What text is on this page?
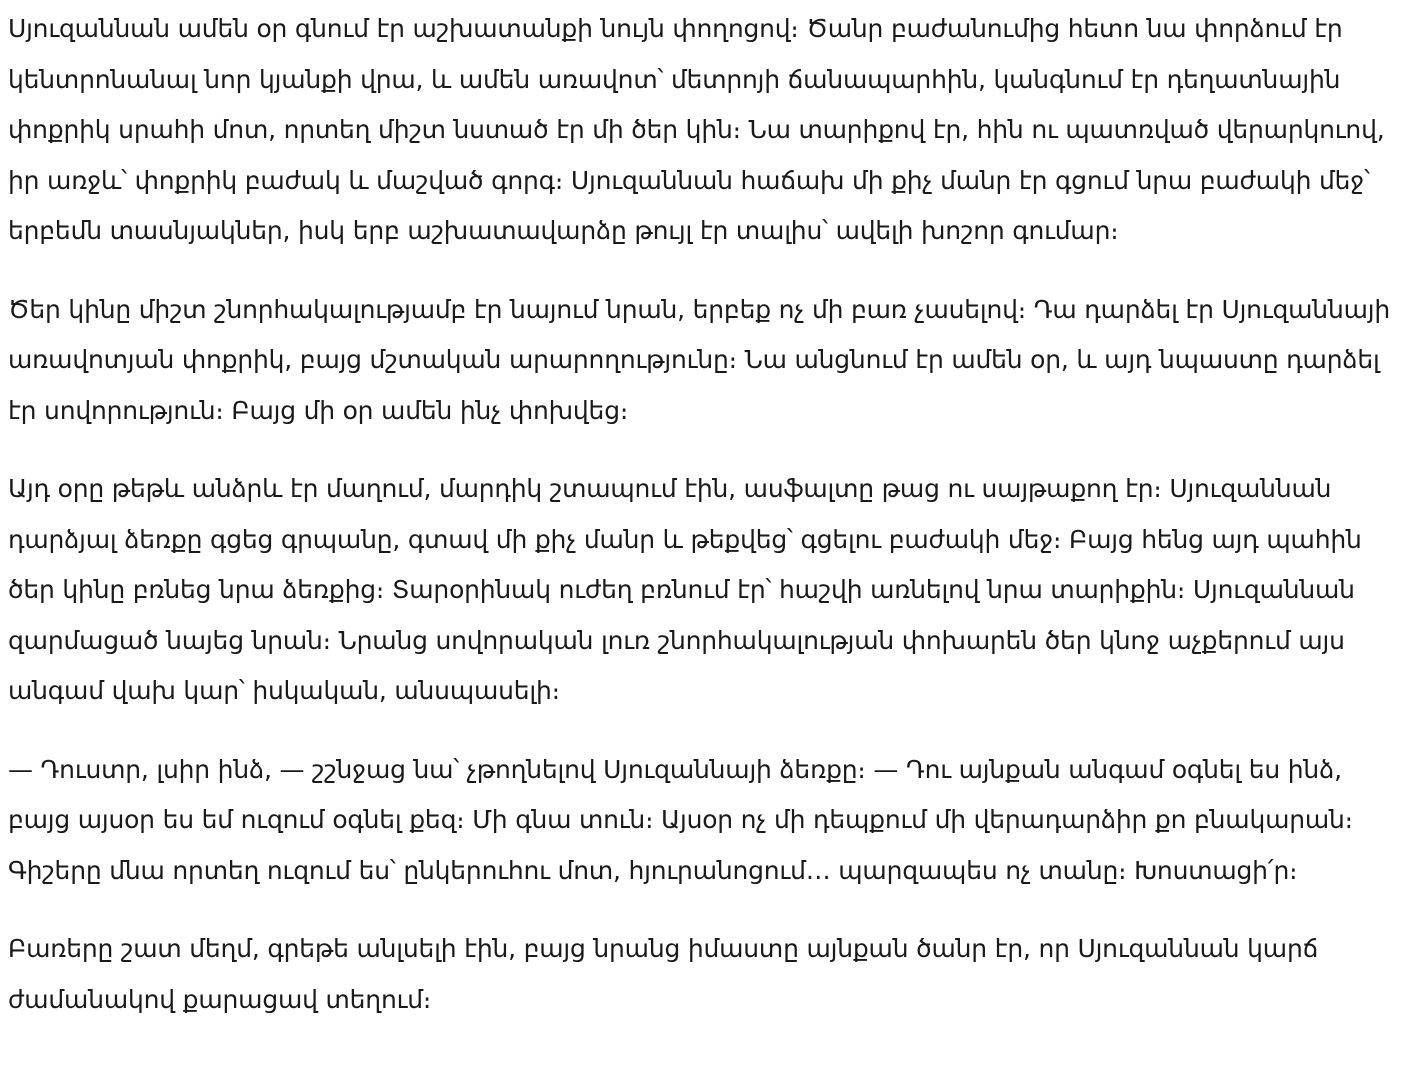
Սյուզաննան ամեն օր գնում էր աշխատանքի նույն փողոցով։ Ծանր բաժանումից հետո նա փորձում էր կենտրոնանալ նոր կյանքի վրա, և ամեն առավոտ՝ մետրոյի ճանապարհին, կանգնում էր դեղատնային փոքրիկ սրահի մոտ, որտեղ միշտ նստած էր մի ծեր կին։ Նա տարիքով էր, հին ու պատռված վերարկուով, իր առջև՝ փոքրիկ բաժակ և մաշված գորգ։ Սյուզաննան հաճախ մի քիչ մանր էր գցում նրա բաժակի մեջ՝ երբեմն տասնյակներ, իսկ երբ աշխատավարձը թույլ էր տալիս՝ ավելի խոշոր գումար։

Ծեր կինը միշտ շնորհակալությամբ էր նայում նրան, երբեք ոչ մի բառ չասելով։ Դա դարձել էր Սյուզաննայի առավոտյան փոքրիկ, բայց մշտական արարողությունը։ Նա անցնում էր ամեն օր, և այդ նպաստը դարձել էր սովորություն։ Բայց մի օր ամեն ինչ փոխվեց։

Այդ օրը թեթև անձրև էր մաղում, մարդիկ շտապում էին, ասֆալտը թաց ու սայթաքող էր։ Սյուզաննան դարձյալ ձեռքը գցեց գրպանը, գտավ մի քիչ մանր և թեքվեց՝ գցելու բաժակի մեջ։ Բայց հենց այդ պահին ծեր կինը բռնեց նրա ձեռքից։ Տարօրինակ ուժեղ բռնում էր՝ հաշվի առնելով նրա տարիքին։ Սյուզաննան զարմացած նայեց նրան։ Նրանց սովորական լուռ շնորհակալության փոխարեն ծեր կնոջ աչքերում այս անգամ վախ կար՝ իսկական, անսպասելի։

— Դուստր, լսիր ինձ, — շշնջաց նա՝ չթողնելով Սյուզաննայի ձեռքը։ — Դու այնքան անգամ օգնել ես ինձ, բայց այսօր ես եմ ուզում օգնել քեզ։ Մի գնա տուն։ Այսօր ոչ մի դեպքում մի վերադարձիր քո բնակարան։ Գիշերը մնա որտեղ ուզում ես՝ ընկերուհու մոտ, հյուրանոցում… պարզապես ոչ տանը։ Խոստացի՛ր։

Բառերը շատ մեղմ, գրեթե անլսելի էին, բայց նրանց իմաստը այնքան ծանր էր, որ Սյուզաննան կարճ ժամանակով քարացավ տեղում։
